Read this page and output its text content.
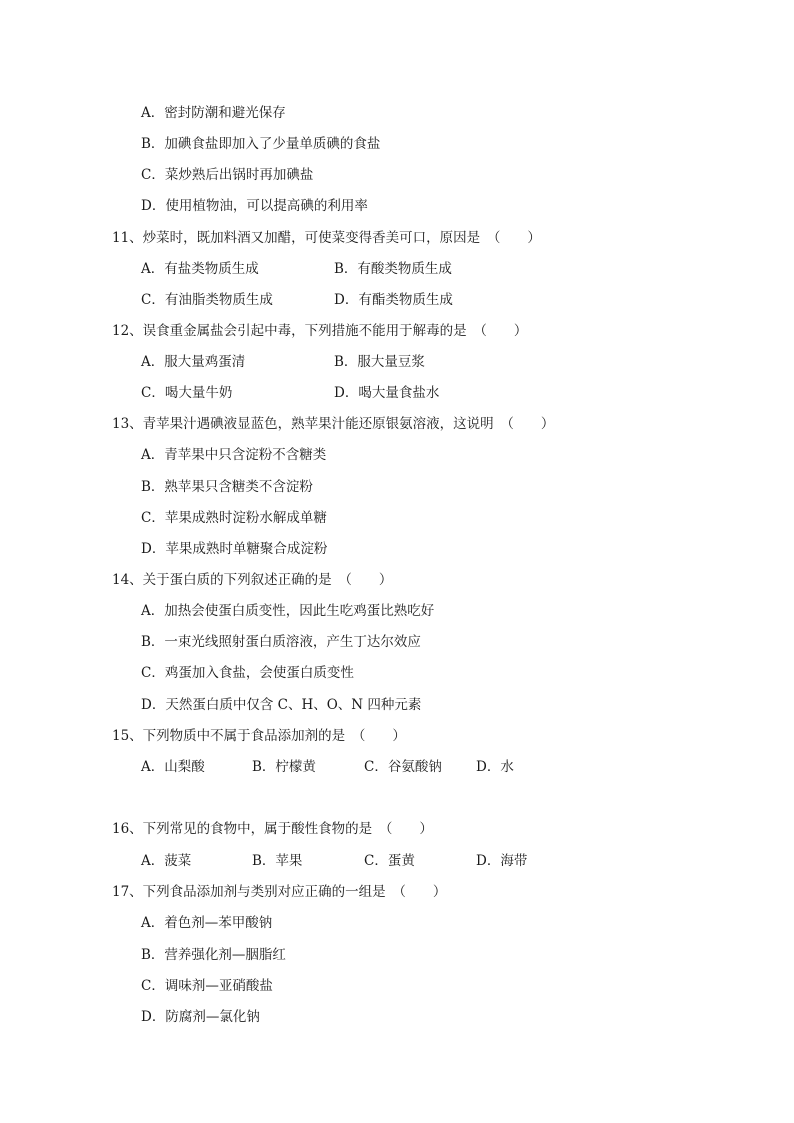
A．密封防潮和避光保存
B．加碘食盐即加入了少量单质碘的食盐
C．菜炒熟后出锅时再加碘盐
D．使用植物油，可以提高碘的利用率
11、炒菜时，既加料酒又加醋，可使菜变得香美可口，原因是　（　　）
A．有盐类物质生成	B．有酸类物质生成
C．有油脂类物质生成	D．有酯类物质生成
12、误食重金属盐会引起中毒，下列措施不能用于解毒的是　（　　）
A．服大量鸡蛋清	B．服大量豆浆
C．喝大量牛奶	D．喝大量食盐水
13、青苹果汁遇碘液显蓝色，熟苹果汁能还原银氨溶液，这说明　（　　）
A．青苹果中只含淀粉不含糖类
B．熟苹果只含糖类不含淀粉
C．苹果成熟时淀粉水解成单糖
D．苹果成熟时单糖聚合成淀粉
14、关于蛋白质的下列叙述正确的是　（　　）
A．加热会使蛋白质变性，因此生吃鸡蛋比熟吃好
B．一束光线照射蛋白质溶液，产生丁达尔效应
C．鸡蛋加入食盐，会使蛋白质变性
D．天然蛋白质中仅含 C、H、O、N 四种元素
15、下列物质中不属于食品添加剂的是　（　　）
A．山梨酸	B．柠檬黄	C．谷氨酸钠	D．水
16、下列常见的食物中，属于酸性食物的是　（　　）
A．菠菜	B．苹果	C．蛋黄	D．海带
17、下列食品添加剂与类别对应正确的一组是　（　　）
A．着色剂—苯甲酸钠
B．营养强化剂—胭脂红
C．调味剂—亚硝酸盐
D．防腐剂—氯化钠
